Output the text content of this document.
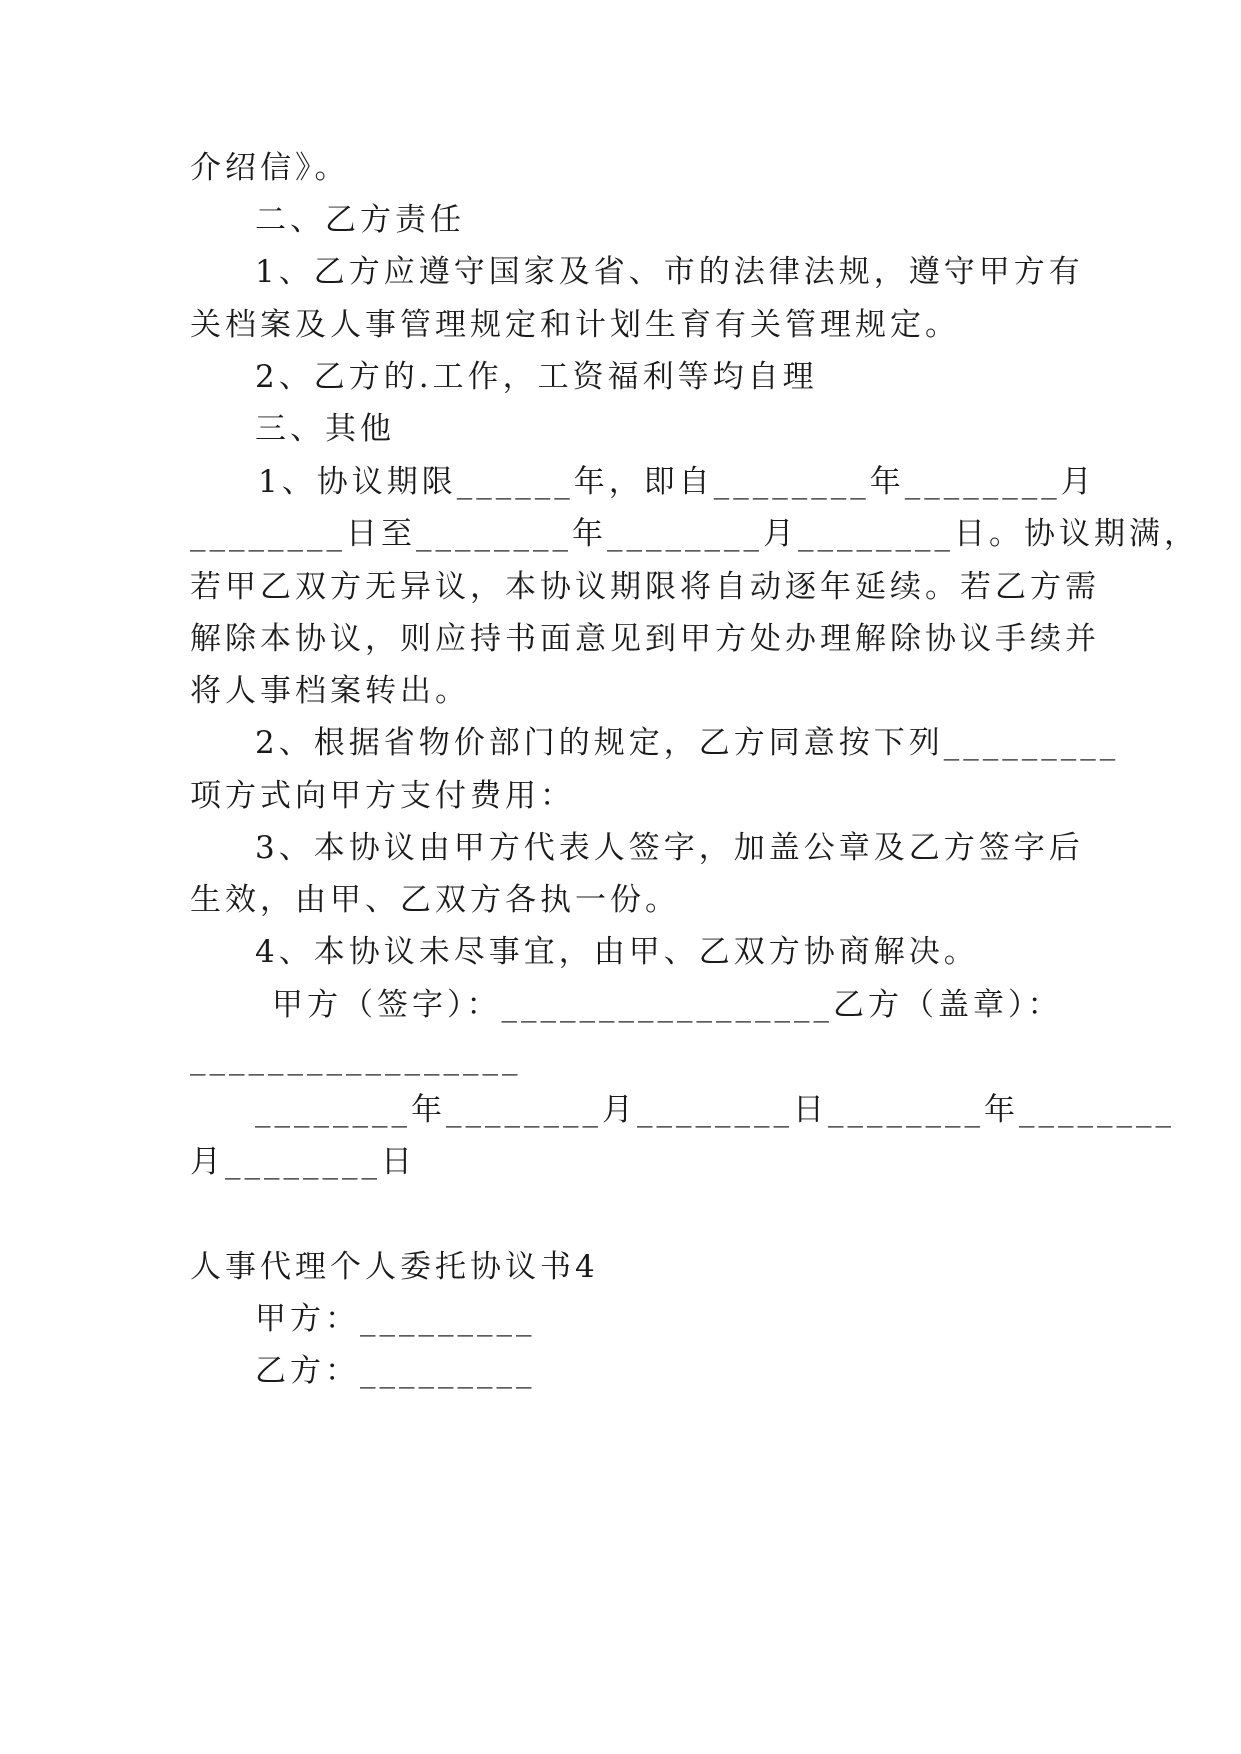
介绍信》。
二、乙方责任
1、乙方应遵守国家及省、市的法律法规，遵守甲方有
关档案及人事管理规定和计划生育有关管理规定。
2、乙方的.工作，工资福利等均自理
三、其他
1、协议期限______年，即自________年________月
________日至________年________月________日。协议期满，
若甲乙双方无异议，本协议期限将自动逐年延续。若乙方需
解除本协议，则应持书面意见到甲方处办理解除协议手续并
将人事档案转出。
2、根据省物价部门的规定，乙方同意按下列_________
项方式向甲方支付费用：
3、本协议由甲方代表人签字，加盖公章及乙方签字后
生效，由甲、乙双方各执一份。
4、本协议未尽事宜，由甲、乙双方协商解决。
甲方（签字）：_________________乙方（盖章）：
_________________
________年________月________日________年________
月________日
人事代理个人委托协议书4
甲方：_________
乙方：_________
